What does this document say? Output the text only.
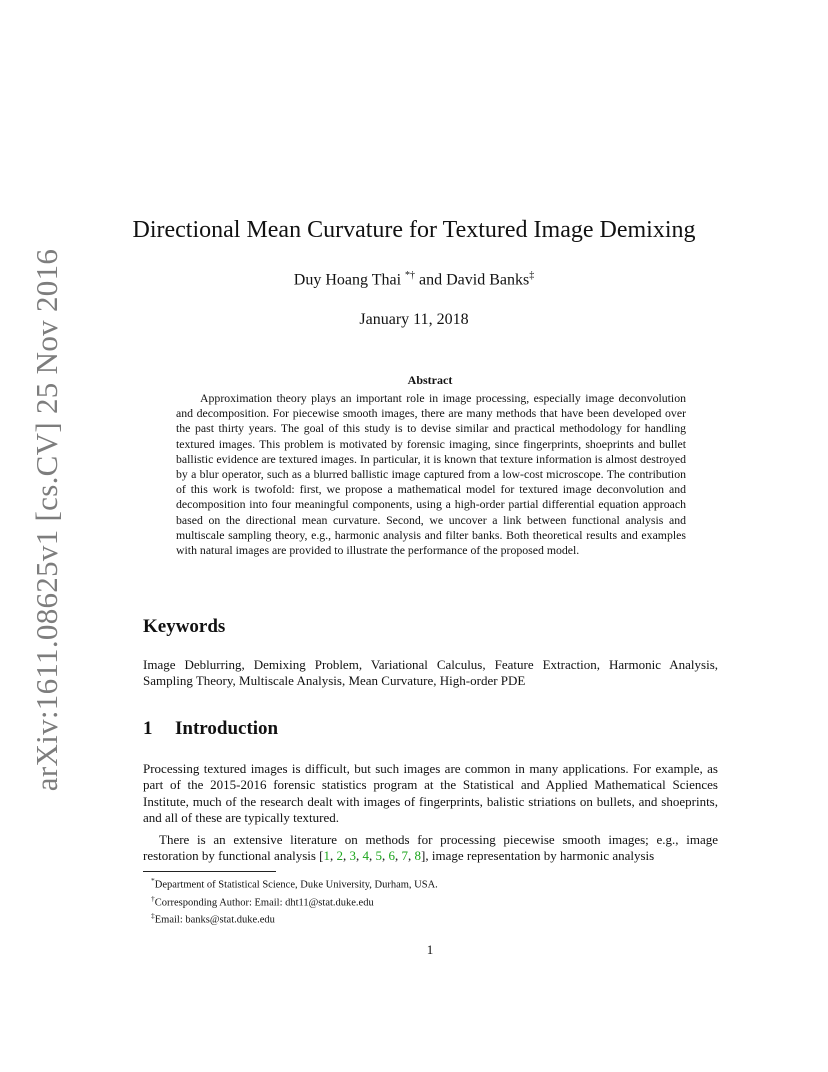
arXiv:1611.08625v1 [cs.CV] 25 Nov 2016
Directional Mean Curvature for Textured Image Demixing
Duy Hoang Thai *† and David Banks‡
January 11, 2018
Abstract

Approximation theory plays an important role in image processing, especially image deconvolution and decomposition. For piecewise smooth images, there are many methods that have been developed over the past thirty years. The goal of this study is to devise similar and practical methodology for handling textured images. This problem is motivated by forensic imaging, since fingerprints, shoeprints and bullet ballistic evidence are textured images. In particular, it is known that texture information is almost destroyed by a blur operator, such as a blurred ballistic image captured from a low-cost microscope. The contribution of this work is twofold: first, we propose a mathematical model for textured image deconvolution and decomposition into four meaningful components, using a high-order partial differential equation approach based on the directional mean curvature. Second, we uncover a link between functional analysis and multiscale sampling theory, e.g., harmonic analysis and filter banks. Both theoretical results and examples with natural images are provided to illustrate the performance of the proposed model.

Keywords

Image Deblurring, Demixing Problem, Variational Calculus, Feature Extraction, Harmonic Analysis, Sampling Theory, Multiscale Analysis, Mean Curvature, High-order PDE

1 Introduction

Processing textured images is difficult, but such images are common in many applications. For example, as part of the 2015-2016 forensic statistics program at the Statistical and Applied Mathematical Sciences Institute, much of the research dealt with images of fingerprints, balistic striations on bullets, and shoeprints, and all of these are typically textured.

There is an extensive literature on methods for processing piecewise smooth images; e.g., image restoration by functional analysis [1, 2, 3, 4, 5, 6, 7, 8], image representation by harmonic analysis

*Department of Statistical Science, Duke University, Durham, USA.
†Corresponding Author: Email: dht11@stat.duke.edu
‡Email: banks@stat.duke.edu
1
